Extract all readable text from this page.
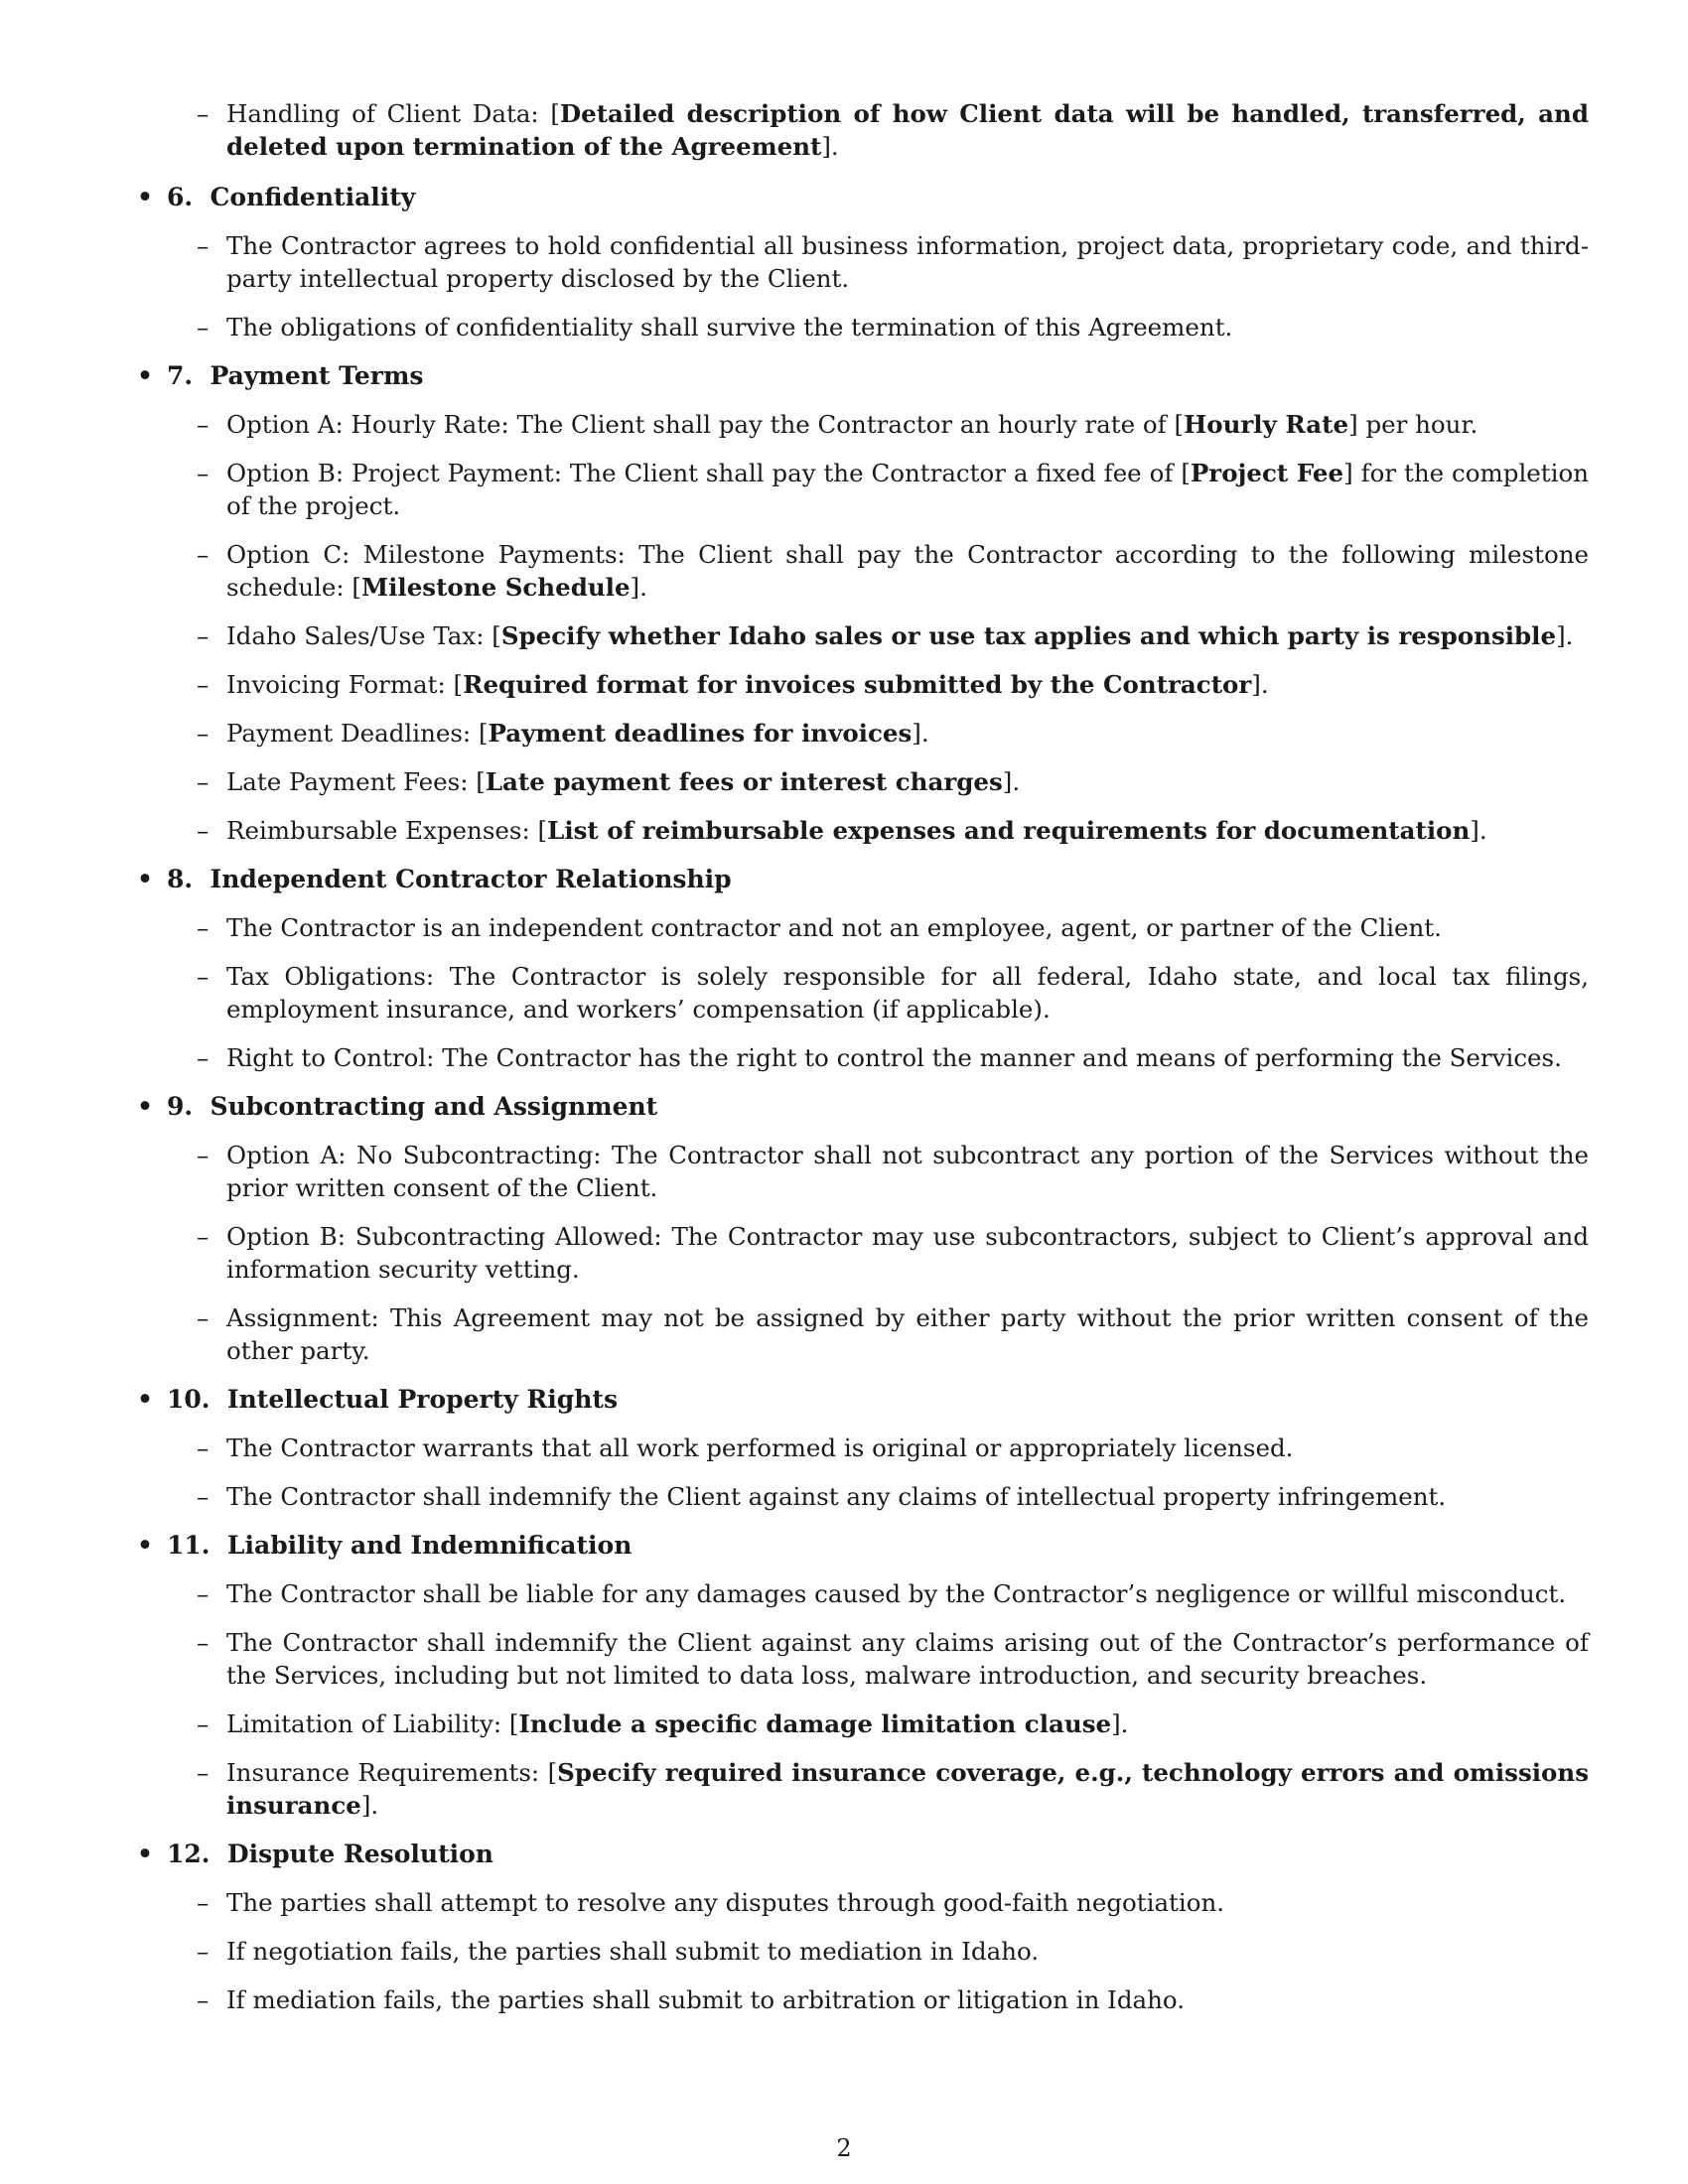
– Handling of Client Data: [Detailed description of how Client data will be handled, transferred, and deleted upon termination of the Agreement].
• 6. Confidentiality
– The Contractor agrees to hold confidential all business information, project data, proprietary code, and third-party intellectual property disclosed by the Client.
– The obligations of confidentiality shall survive the termination of this Agreement.
• 7. Payment Terms
– Option A: Hourly Rate: The Client shall pay the Contractor an hourly rate of [Hourly Rate] per hour.
– Option B: Project Payment: The Client shall pay the Contractor a fixed fee of [Project Fee] for the completion of the project.
– Option C: Milestone Payments: The Client shall pay the Contractor according to the following milestone schedule: [Milestone Schedule].
– Idaho Sales/Use Tax: [Specify whether Idaho sales or use tax applies and which party is responsible].
– Invoicing Format: [Required format for invoices submitted by the Contractor].
– Payment Deadlines: [Payment deadlines for invoices].
– Late Payment Fees: [Late payment fees or interest charges].
– Reimbursable Expenses: [List of reimbursable expenses and requirements for documentation].
• 8. Independent Contractor Relationship
– The Contractor is an independent contractor and not an employee, agent, or partner of the Client.
– Tax Obligations: The Contractor is solely responsible for all federal, Idaho state, and local tax filings, employment insurance, and workers’ compensation (if applicable).
– Right to Control: The Contractor has the right to control the manner and means of performing the Services.
• 9. Subcontracting and Assignment
– Option A: No Subcontracting: The Contractor shall not subcontract any portion of the Services without the prior written consent of the Client.
– Option B: Subcontracting Allowed: The Contractor may use subcontractors, subject to Client’s approval and information security vetting.
– Assignment: This Agreement may not be assigned by either party without the prior written consent of the other party.
• 10. Intellectual Property Rights
– The Contractor warrants that all work performed is original or appropriately licensed.
– The Contractor shall indemnify the Client against any claims of intellectual property infringement.
• 11. Liability and Indemnification
– The Contractor shall be liable for any damages caused by the Contractor’s negligence or willful misconduct.
– The Contractor shall indemnify the Client against any claims arising out of the Contractor’s performance of the Services, including but not limited to data loss, malware introduction, and security breaches.
– Limitation of Liability: [Include a specific damage limitation clause].
– Insurance Requirements: [Specify required insurance coverage, e.g., technology errors and omissions insurance].
• 12. Dispute Resolution
– The parties shall attempt to resolve any disputes through good-faith negotiation.
– If negotiation fails, the parties shall submit to mediation in Idaho.
– If mediation fails, the parties shall submit to arbitration or litigation in Idaho.
2
